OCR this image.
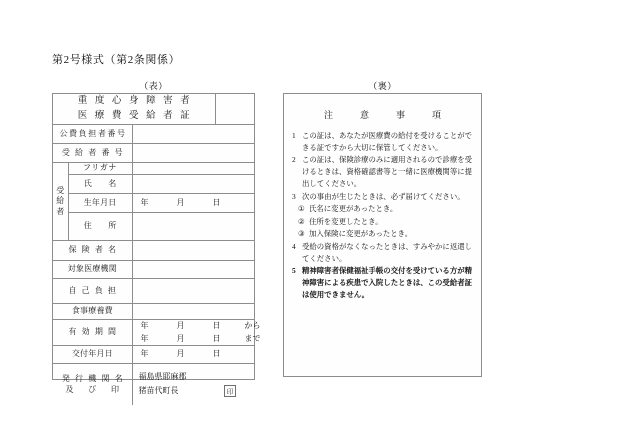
第2号様式（第2条関係）
（表）	（裏）
重 度 心 身 障 害 者
医 療 費 受 給 者 証			

公費負担者番号			
受 給 者 番 号			

受
給
者	フリガナ		
	氏　　名		
	生年月日	年 月 日	

	住　　所		
保 険 者 名			
対象医療機関			
自 己 負 担			
食事療養費			
有 効 期 間		年 月 日 から
年 月 日 まで	

交付年月日		年 月 日	

発 行 機 関 名
及　 び　 印

福島県耶麻郡
猪苗代町長	印
注　意　事　項
1 この証は、あなたが医療費の給付を受けることができる証ですから大切に保管してください。
2 この証は、保険診療のみに適用されるので診療を受けるときは、資格確認書等と一緒に医療機関等に提出してください。
3 次の事由が生じたときは、必ず届けてください。
① 氏名に変更があったとき。
② 住所を変更したとき。
③ 加入保険に変更があったとき。
4 受給の資格がなくなったときは、すみやかに返還してください。
5 精神障害者保健福祉手帳の交付を受けている方が精神障害による疾患で入院したときは、この受給者証は使用できません。
